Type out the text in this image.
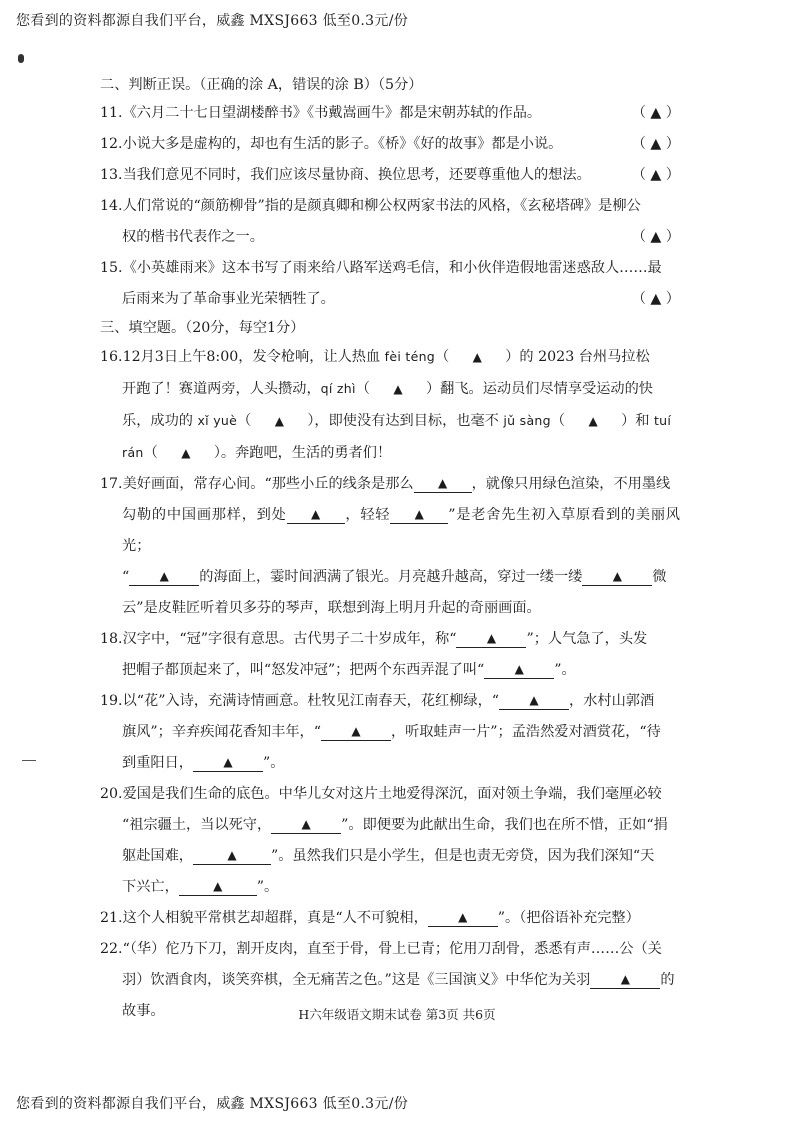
您看到的资料都源自我们平台，威鑫 MXSJ663 低至0.3元/份
二、判断正误。（正确的涂 A，错误的涂 B）（5分）
（ ▲ ）
11.《六月二十七日望湖楼醉书》《书戴嵩画牛》都是宋朝苏轼的作品。
（ ▲ ）
12.小说大多是虚构的，却也有生活的影子。《桥》《好的故事》都是小说。
（ ▲ ）
13.当我们意见不同时，我们应该尽量协商、换位思考，还要尊重他人的想法。
14.人们常说的“颜筋柳骨”指的是颜真卿和柳公权两家书法的风格，《玄秘塔碑》是柳公
（ ▲ ）
权的楷书代表作之一。
15.《小英雄雨来》这本书写了雨来给八路军送鸡毛信，和小伙伴造假地雷迷惑敌人……最
（ ▲ ）
后雨来为了革命事业光荣牺牲了。
三、填空题。（20分，每空1分）
16.12月3日上午8:00，发令枪响，让人热血 fèi téng（ ▲ ）的 2023 台州马拉松
开跑了！赛道两旁，人头攒动，qí zhì（ ▲ ）翻飞。运动员们尽情享受运动的快
乐，成功的 xǐ yuè（ ▲ ），即使没有达到目标，也毫不 jǔ sàng（ ▲ ）和 tuí
rán（ ▲ ）。奔跑吧，生活的勇者们！
17.美好画面，常存心间。“那些小丘的线条是那么 ▲ ，就像只用绿色渲染，不用墨线
勾勒的中国画那样，到处 ▲ ，轻轻 ▲ ”是老舍先生初入草原看到的美丽风光；
“	▲ 的海面上，霎时间洒满了银光。月亮越升越高，穿过一缕一缕	▲ 微
云”是皮鞋匠听着贝多芬的琴声，联想到海上明月升起的奇丽画面。
18.汉字中，“冠”字很有意思。古代男子二十岁成年，称“	▲ ”；人气急了，头发
把帽子都顶起来了，叫“怒发冲冠”；把两个东西弄混了叫“	▲ ”。
19.以“花”入诗，充满诗情画意。杜牧见江南春天，花红柳绿，“	▲ ，水村山郭酒
旗风”；辛弃疾闻花香知丰年，“	▲ ，听取蛙声一片”；孟浩然爱对酒赏花，“待
到重阳日，	▲ ”。
20.爱国是我们生命的底色。中华儿女对这片土地爱得深沉，面对领土争端，我们毫厘必较
“祖宗疆土，当以死守，	▲ ”。即便要为此献出生命，我们也在所不惜，正如“捐
躯赴国难，	▲ ”。虽然我们只是小学生，但是也责无旁贷，因为我们深知“天
下兴亡，	▲ ”。
21.这个人相貌平常棋艺却超群，真是“人不可貌相，	▲ ”。（把俗语补充完整）
22.“（华）佗乃下刀，割开皮肉，直至于骨，骨上已青；佗用刀刮骨，悉悉有声……公（关
羽）饮酒食肉，谈笑弈棋，全无痛苦之色。”这是《三国演义》中华佗为关羽	▲ 的
故事。	H六年级语文期末试卷 第3页 共6页
您看到的资料都源自我们平台，威鑫 MXSJ663 低至0.3元/份
